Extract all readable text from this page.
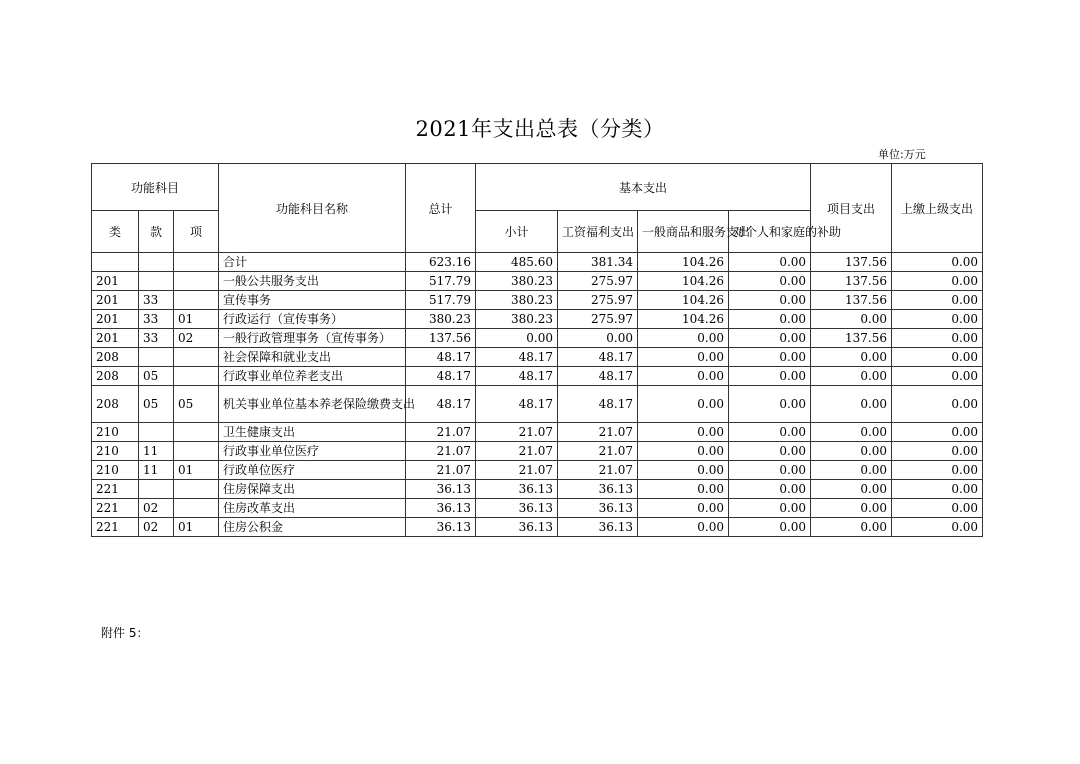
2021年支出总表（分类）
单位:万元
功能科目			功能科目名称	总计	基本支出				项目支出	上缴上级支出
类	款	项			小计	工资福利支出	一般商品和服务支出	对个人和家庭的补助		
			合计	623.16	485.60	381.34	104.26	0.00	137.56	0.00
201			一般公共服务支出	517.79	380.23	275.97	104.26	0.00	137.56	0.00
201	33		宣传事务	517.79	380.23	275.97	104.26	0.00	137.56	0.00
201	33	01	行政运行（宣传事务）	380.23	380.23	275.97	104.26	0.00	0.00	0.00
201	33	02	一般行政管理事务（宣传事务）	137.56	0.00	0.00	0.00	0.00	137.56	0.00
208			社会保障和就业支出	48.17	48.17	48.17	0.00	0.00	0.00	0.00
208	05		行政事业单位养老支出	48.17	48.17	48.17	0.00	0.00	0.00	0.00
208	05	05	机关事业单位基本养老保险缴费支出	48.17	48.17	48.17	0.00	0.00	0.00	0.00
210			卫生健康支出	21.07	21.07	21.07	0.00	0.00	0.00	0.00
210	11		行政事业单位医疗	21.07	21.07	21.07	0.00	0.00	0.00	0.00
210	11	01	行政单位医疗	21.07	21.07	21.07	0.00	0.00	0.00	0.00
221			住房保障支出	36.13	36.13	36.13	0.00	0.00	0.00	0.00
221	02		住房改革支出	36.13	36.13	36.13	0.00	0.00	0.00	0.00
221	02	01	住房公积金	36.13	36.13	36.13	0.00	0.00	0.00	0.00
附件 5：
